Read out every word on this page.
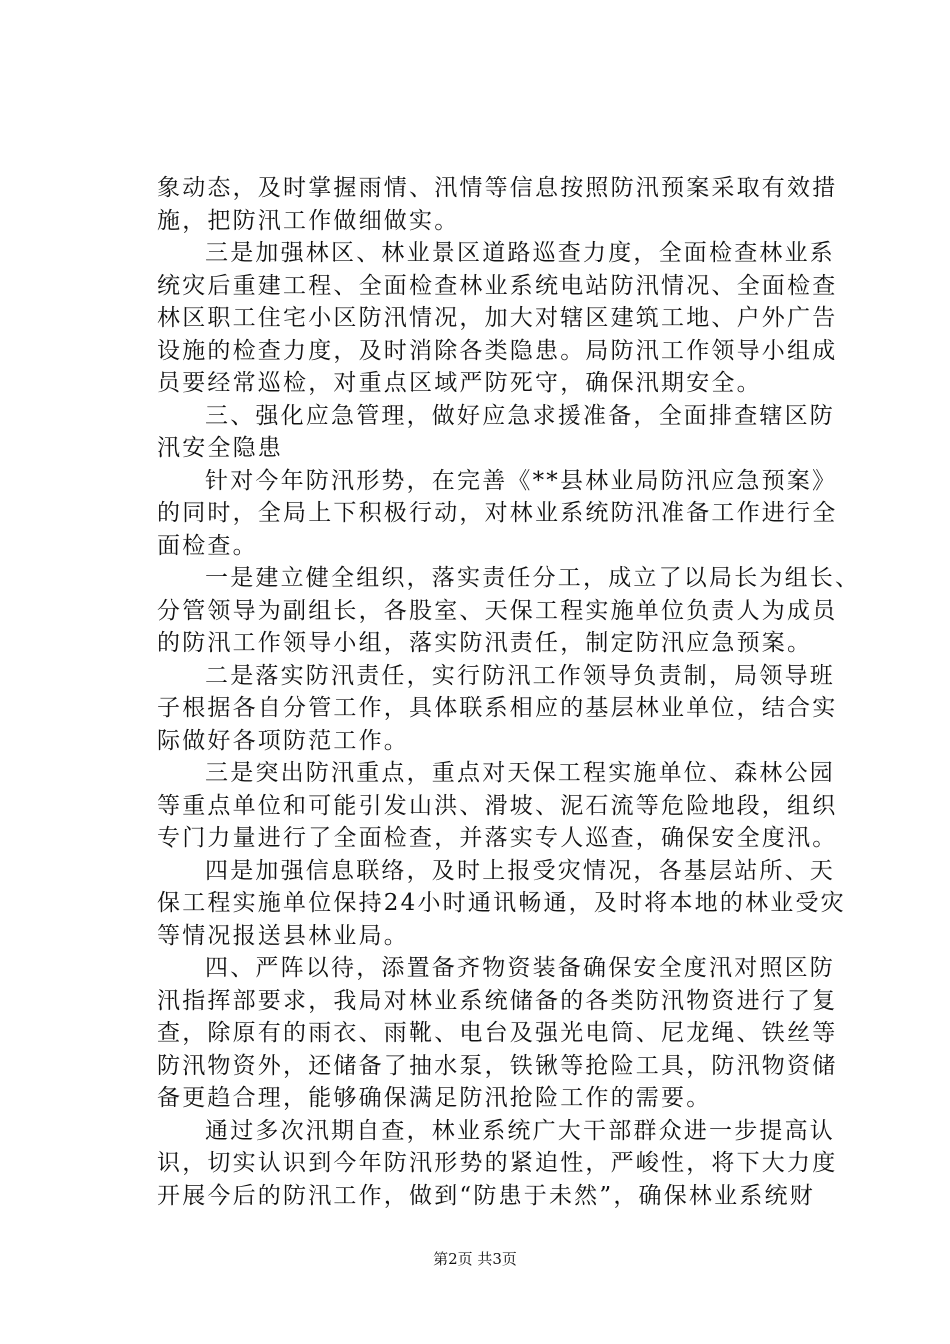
象动态，及时掌握雨情、汛情等信息按照防汛预案采取有效措
施，把防汛工作做细做实。
三是加强林区、林业景区道路巡查力度，全面检查林业系
统灾后重建工程、全面检查林业系统电站防汛情况、全面检查
林区职工住宅小区防汛情况，加大对辖区建筑工地、户外广告
设施的检查力度，及时消除各类隐患。局防汛工作领导小组成
员要经常巡检，对重点区域严防死守，确保汛期安全。
三、强化应急管理，做好应急求援准备，全面排查辖区防
汛安全隐患
针对今年防汛形势，在完善《**县林业局防汛应急预案》
的同时，全局上下积极行动，对林业系统防汛准备工作进行全
面检查。
一是建立健全组织，落实责任分工，成立了以局长为组长、
分管领导为副组长，各股室、天保工程实施单位负责人为成员
的防汛工作领导小组，落实防汛责任，制定防汛应急预案。
二是落实防汛责任，实行防汛工作领导负责制，局领导班
子根据各自分管工作，具体联系相应的基层林业单位，结合实
际做好各项防范工作。
三是突出防汛重点，重点对天保工程实施单位、森林公园
等重点单位和可能引发山洪、滑坡、泥石流等危险地段，组织
专门力量进行了全面检查，并落实专人巡查，确保安全度汛。
四是加强信息联络，及时上报受灾情况，各基层站所、天
保工程实施单位保持24小时通讯畅通，及时将本地的林业受灾
等情况报送县林业局。
四、严阵以待，添置备齐物资装备确保安全度汛对照区防
汛指挥部要求，我局对林业系统储备的各类防汛物资进行了复
查，除原有的雨衣、雨靴、电台及强光电筒、尼龙绳、铁丝等
防汛物资外，还储备了抽水泵，铁锹等抢险工具，防汛物资储
备更趋合理，能够确保满足防汛抢险工作的需要。
通过多次汛期自查，林业系统广大干部群众进一步提高认
识，切实认识到今年防汛形势的紧迫性，严峻性，将下大力度
开展今后的防汛工作，做到“防患于未然”，确保林业系统财
第2页 共3页
